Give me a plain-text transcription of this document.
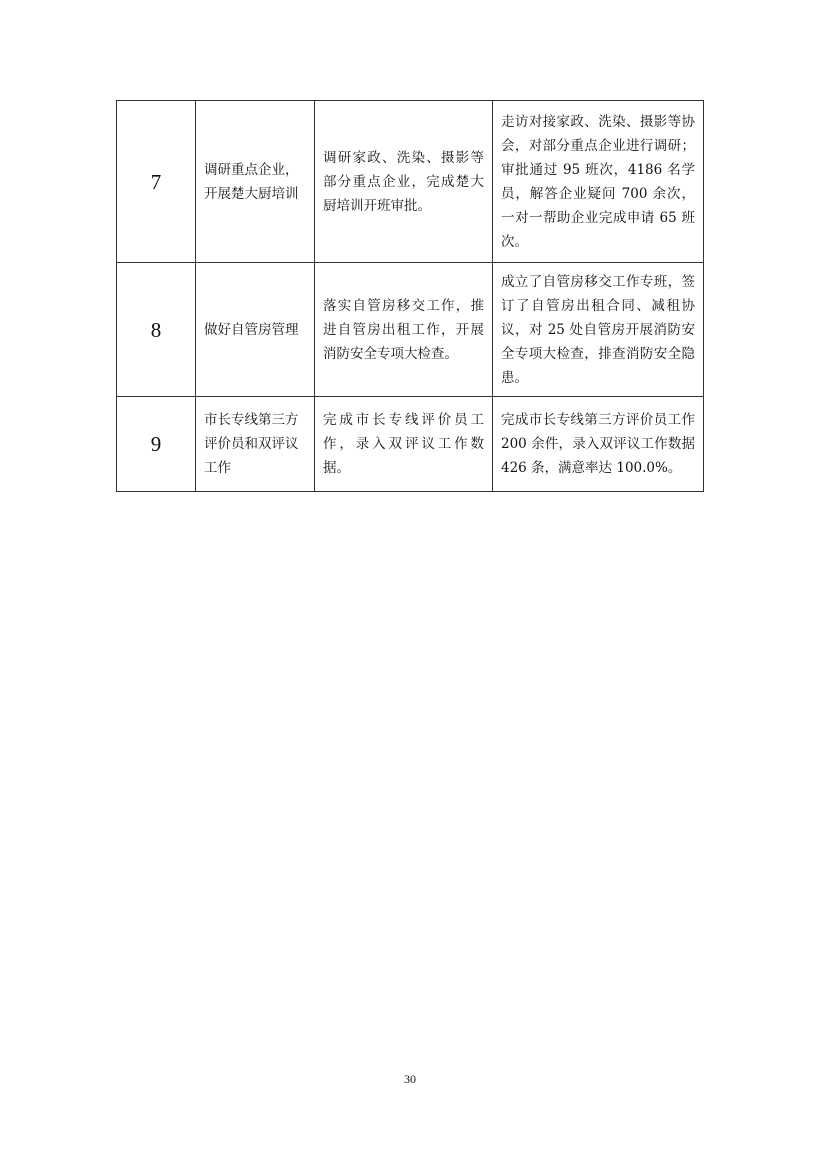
7	调研重点企业，开展楚大厨培训	调研家政、洗染、摄影等部分重点企业，完成楚大厨培训开班审批。	走访对接家政、洗染、摄影等协会，对部分重点企业进行调研；审批通过 95 班次，4186 名学员，解答企业疑问 700 余次，一对一帮助企业完成申请 65 班次。
8	做好自管房管理	落实自管房移交工作，推进自管房出租工作，开展消防安全专项大检查。	成立了自管房移交工作专班，签订了自管房出租合同、减租协议，对 25 处自管房开展消防安全专项大检查，排查消防安全隐患。
9	市长专线第三方评价员和双评议工作	完成市长专线评价员工作，录入双评议工作数据。	完成市长专线第三方评价员工作 200 余件，录入双评议工作数据 426 条，满意率达 100.0%。
30
